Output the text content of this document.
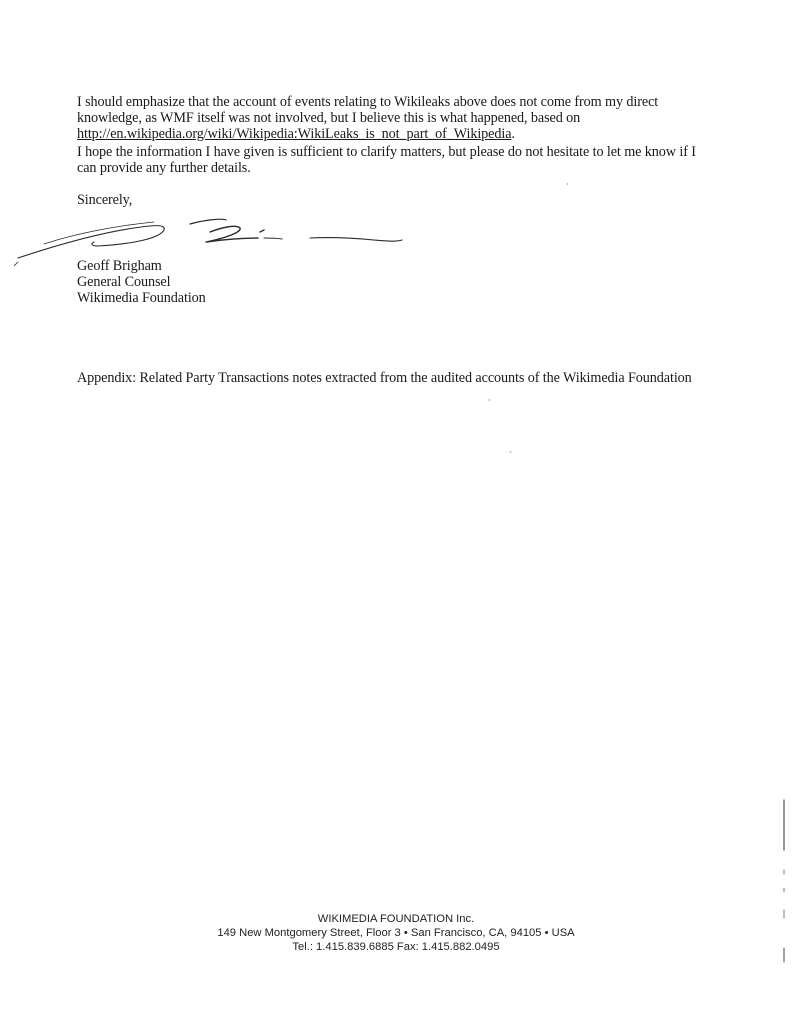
I should emphasize that the account of events relating to Wikileaks above does not come from my direct
knowledge, as WMF itself was not involved, but I believe this is what happened, based on
http://en.wikipedia.org/wiki/Wikipedia:WikiLeaks_is_not_part_of_Wikipedia.

I hope the information I have given is sufficient to clarify matters, but please do not hesitate to let me know if I
can provide any further details.

Sincerely,
Geoff Brigham
General Counsel
Wikimedia Foundation
Appendix: Related Party Transactions notes extracted from the audited accounts of the Wikimedia Foundation
WIKIMEDIA FOUNDATION Inc.
149 New Montgomery Street, Floor 3 • San Francisco, CA, 94105 • USA
Tel.: 1.415.839.6885 Fax: 1.415.882.0495
